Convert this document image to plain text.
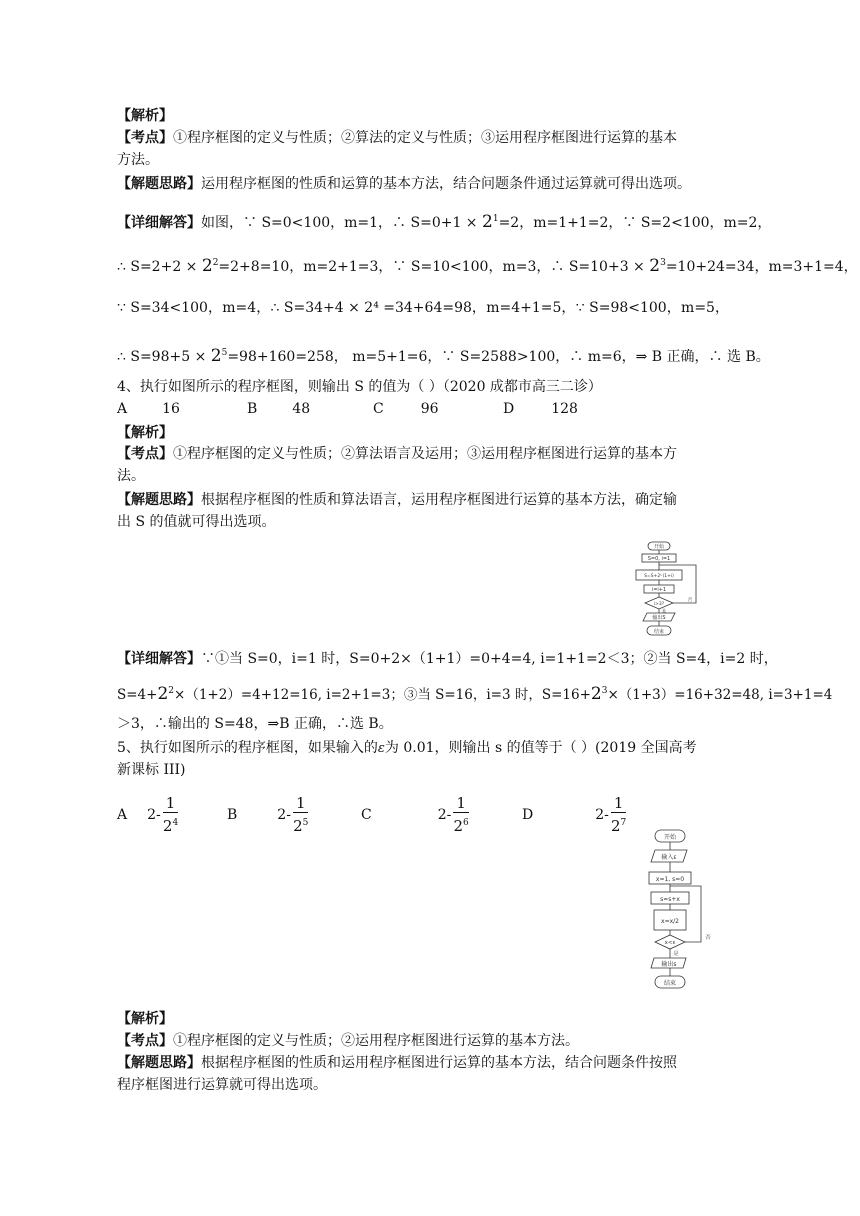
【解析】
【考点】①程序框图的定义与性质；②算法的定义与性质；③运用程序框图进行运算的基本
方法。
【解题思路】运用程序框图的性质和运算的基本方法，结合问题条件通过运算就可得出选项。
【详细解答】如图，∵ S=0<100，m=1，∴ $S=0+1 \times 2^1=2$，m=1+1=2，∵ S=2<100，m=2，
∴ $S=2+2 \times 2^2=2+8=10$，m=2+1=3，∵ S=10<100，m=3，∴ $S=10+3 \times 2^3=10+24=34$，m=3+1=4，
∵ S=34<100， m=4， ∴ S=34+4 × 2⁴ =34+64=98， m=4+1=5， ∵ S=98<100， m=5，
∴ $S=98+5 \times 2^5=98+160=258$， m=5+1=6，∵ S=2588>100，∴ m=6，⇒ B 正确，∴ 选 B。
4、执行如图所示的程序框图，则输出 S 的值为（ ）（2020 成都市高三二诊）
A	16	B	48	C	96	D	128
【解析】
【考点】①程序框图的定义与性质；②算法语言及运用；③运用程序框图进行运算的基本方
法。
【解题思路】根据程序框图的性质和算法语言，运用程序框图进行运算的基本方法，确定输
出 S 的值就可得出选项。
开始
S=0, i=1
S=S+2ⁱ·(1+i)
i=i+1
i>3?
否
是
输出S
结束
【详细解答】∵①当 S=0，i=1 时，S=0+2×（1+1）=0+4=4, i=1+1=2＜3；②当 S=4，i=2 时，
$S=4+2^2\times(1+2)=4+12=16$, i=2+1=3；③当 S=16，i=3 时，$S=16+2^3\times(1+3)=16+32=48$, i=3+1=4
＞3，∴输出的 S=48，⇒B 正确，∴选 B。
5、执行如图所示的程序框图，如果输入的ε为 0.01，则输出 s 的值等于（ ）(2019 全国高考
新课标 III)
A $2- \frac{1}{2^4}$	B	$2- \frac{1}{2^5}$	C	$2- \frac{1}{2^6}$	D	$2- \frac{1}{2^7}$
开始
输入ε
x=1, s=0
s=s+x
x=x/2
x<ε
否
是
输出s
结束
【解析】
【考点】①程序框图的定义与性质；②运用程序框图进行运算的基本方法。
【解题思路】根据程序框图的性质和运用程序框图进行运算的基本方法，结合问题条件按照
程序框图进行运算就可得出选项。
